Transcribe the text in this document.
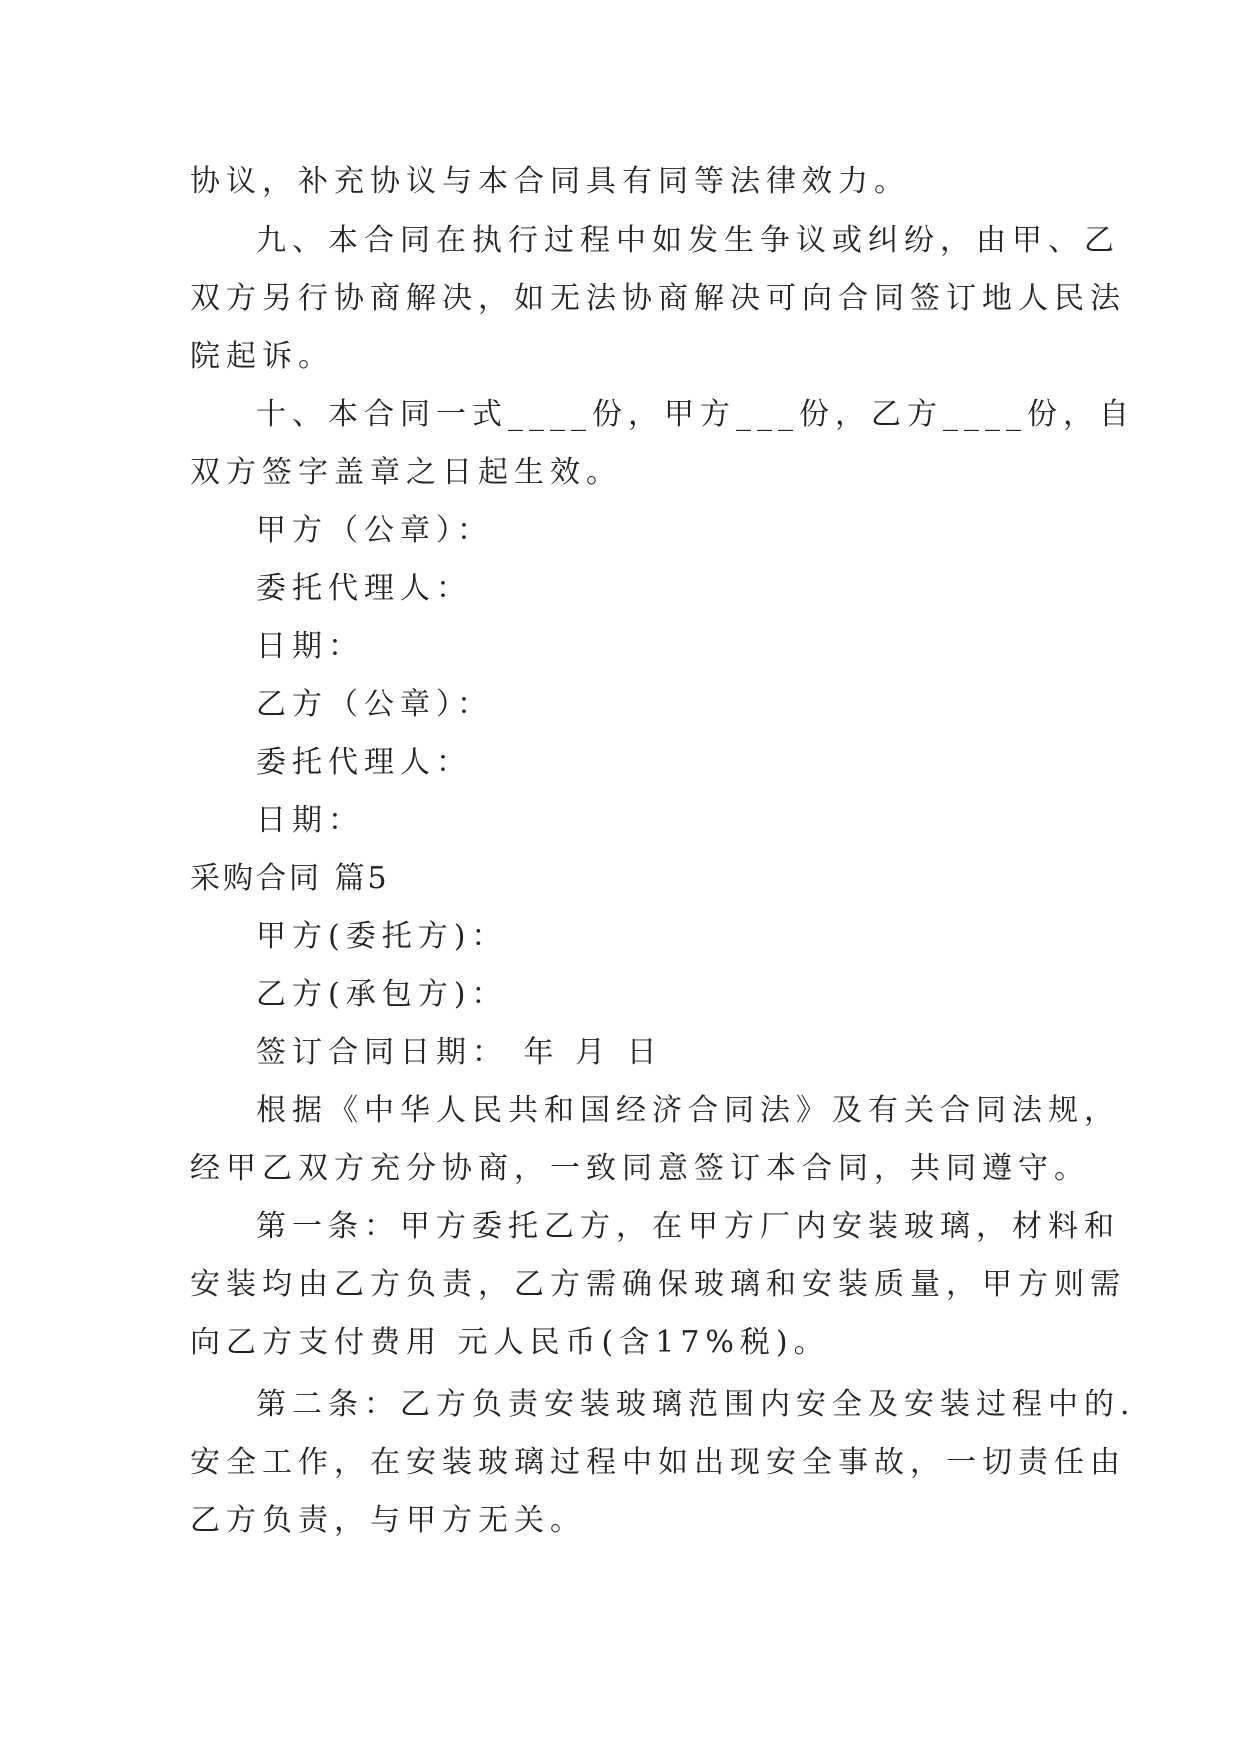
协议，补充协议与本合同具有同等法律效力。
九、本合同在执行过程中如发生争议或纠纷，由甲、乙
双方另行协商解决，如无法协商解决可向合同签订地人民法
院起诉。
十、本合同一式____份，甲方___份，乙方____份，自
双方签字盖章之日起生效。
甲方（公章）：
委托代理人：
日期：
乙方（公章）：
委托代理人：
日期：
采购合同 篇5
甲方(委托方)：
乙方(承包方)：
签订合同日期： 年 月 日
根据《中华人民共和国经济合同法》及有关合同法规，
经甲乙双方充分协商，一致同意签订本合同，共同遵守。
第一条：甲方委托乙方，在甲方厂内安装玻璃，材料和
安装均由乙方负责，乙方需确保玻璃和安装质量，甲方则需
向乙方支付费用 元人民币(含17%税)。
第二条：乙方负责安装玻璃范围内安全及安装过程中的.
安全工作，在安装玻璃过程中如出现安全事故，一切责任由
乙方负责，与甲方无关。
